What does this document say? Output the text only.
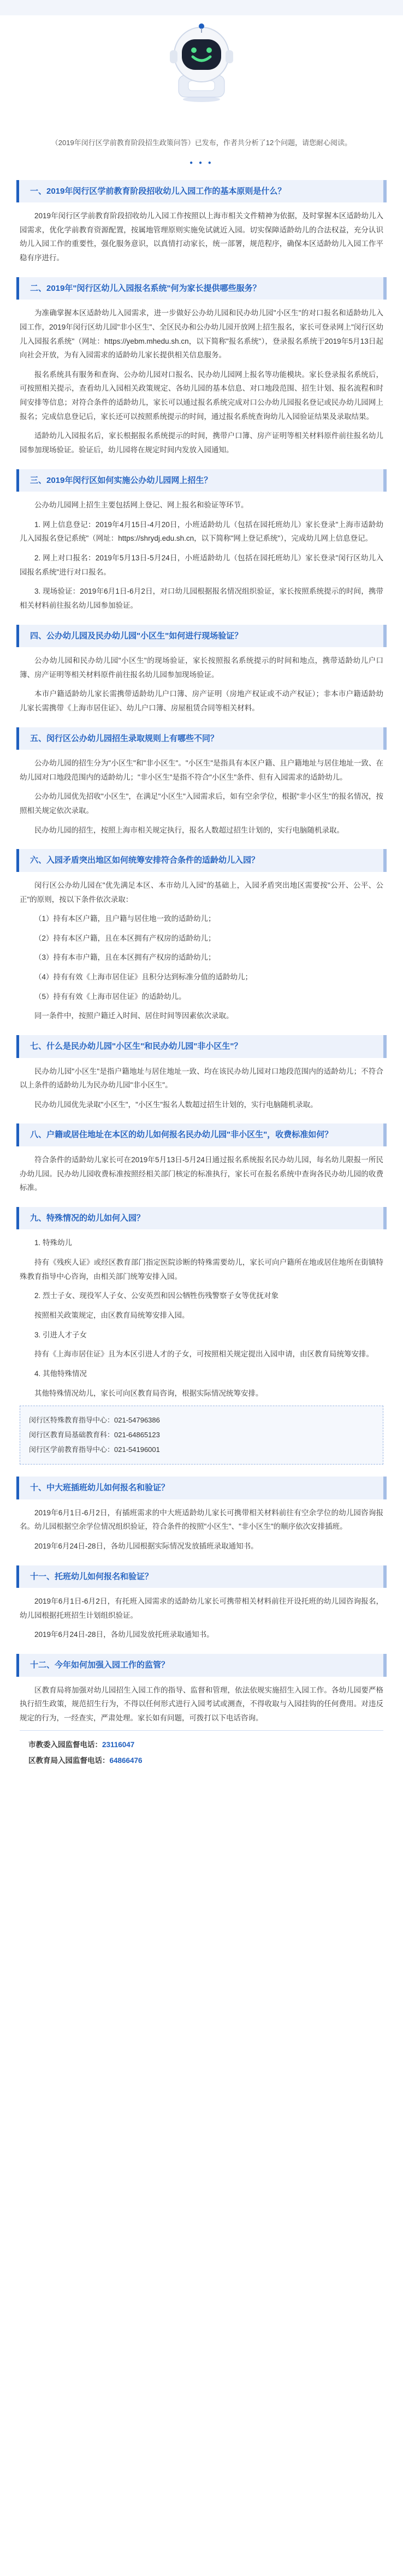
（2019年闵行区学前教育阶段招生政策问答）已发布，作者共分析了12个问题，请您耐心阅读。

● ● ●
一、2019年闵行区学前教育阶段招收幼儿入园工作的基本原则是什么？

2019年闵行区学前教育阶段招收幼儿入园工作按照以上海市相关文件精神为依据，及时掌握本区适龄幼儿入园需求，优化学前教育资源配置，按属地管理原则实施免试就近入园。切实保障适龄幼儿的合法权益，充分认识幼儿入园工作的重要性，强化服务意识，以真情打动家长，统一部署，规范程序，确保本区适龄幼儿入园工作平稳有序进行。

二、2019年"闵行区幼儿入园报名系统"何为家长提供哪些服务？

为准确掌握本区适龄幼儿入园需求，进一步做好公办幼儿园和民办幼儿园"小区生"的对口报名和适龄幼儿入园工作，2019年闵行区幼儿园"非小区生"、全区民办和公办幼儿园开放网上招生报名，家长可登录网上"闵行区幼儿入园报名系统"（网址：https://yebm.mhedu.sh.cn，以下简称"报名系统"），登录报名系统于2019年5月13日起向社会开放，为有入园需求的适龄幼儿家长提供相关信息服务。

报名系统具有服务和查询、公办幼儿园对口报名、民办幼儿园网上报名等功能模块。家长登录报名系统后，可按照相关提示，查看幼儿入园相关政策规定、各幼儿园的基本信息、对口地段范围、招生计划、报名流程和时间安排等信息；对符合条件的适龄幼儿，家长可以通过报名系统完成对口公办幼儿园报名登记或民办幼儿园网上报名；完成信息登记后，家长还可以按照系统提示的时间，通过报名系统查询幼儿入园验证结果及录取结果。

适龄幼儿入园报名后，家长根据报名系统提示的时间，携带户口簿、房产证明等相关材料原件前往报名幼儿园参加现场验证。验证后，幼儿园将在规定时间内发放入园通知。

三、2019年闵行区如何实施公办幼儿园网上招生？

公办幼儿园网上招生主要包括网上登记、网上报名和验证等环节。

1. 网上信息登记：2019年4月15日-4月20日，小班适龄幼儿（包括在园托班幼儿）家长登录"上海市适龄幼儿入园报名登记系统"（网址：https://shrydj.edu.sh.cn，以下简称"网上登记系统"），完成幼儿网上信息登记。

2. 网上对口报名：2019年5月13日-5月24日，小班适龄幼儿（包括在园托班幼儿）家长登录"闵行区幼儿入园报名系统"进行对口报名。

3. 现场验证：2019年6月1日-6月2日，对口幼儿园根据报名情况组织验证，家长按照系统提示的时间，携带相关材料前往报名幼儿园参加验证。

四、公办幼儿园及民办幼儿园"小区生"如何进行现场验证？

公办幼儿园和民办幼儿园"小区生"的现场验证，家长按照报名系统提示的时间和地点，携带适龄幼儿户口簿、房产证明等相关材料原件前往报名幼儿园参加现场验证。

本市户籍适龄幼儿家长需携带适龄幼儿户口簿、房产证明（房地产权证或不动产权证）；非本市户籍适龄幼儿家长需携带《上海市居住证》、幼儿户口簿、房屋租赁合同等相关材料。

五、闵行区公办幼儿园招生录取规则上有哪些不同？

公办幼儿园的招生分为"小区生"和"非小区生"。"小区生"是指具有本区户籍、且户籍地址与居住地址一致、在幼儿园对口地段范围内的适龄幼儿；"非小区生"是指不符合"小区生"条件、但有入园需求的适龄幼儿。

公办幼儿园优先招收"小区生"，在满足"小区生"入园需求后，如有空余学位，根据"非小区生"的报名情况，按照相关规定依次录取。

民办幼儿园的招生，按照上海市相关规定执行，报名人数超过招生计划的，实行电脑随机录取。

六、入园矛盾突出地区如何统筹安排符合条件的适龄幼儿入园？

闵行区公办幼儿园在"优先满足本区、本市幼儿入园"的基础上，入园矛盾突出地区需要按"公开、公平、公正"的原则，按以下条件依次录取：

（1）持有本区户籍，且户籍与居住地一致的适龄幼儿；

（2）持有本区户籍，且在本区拥有产权房的适龄幼儿；

（3）持有本市户籍，且在本区拥有产权房的适龄幼儿；

（4）持有有效《上海市居住证》且积分达到标准分值的适龄幼儿；

（5）持有有效《上海市居住证》的适龄幼儿。

同一条件中，按照户籍迁入时间、居住时间等因素依次录取。

七、什么是民办幼儿园"小区生"和民办幼儿园"非小区生"？

民办幼儿园"小区生"是指户籍地址与居住地址一致、均在该民办幼儿园对口地段范围内的适龄幼儿；不符合以上条件的适龄幼儿为民办幼儿园"非小区生"。

民办幼儿园优先录取"小区生"，"小区生"报名人数超过招生计划的，实行电脑随机录取。

八、户籍或居住地址在本区的幼儿如何报名民办幼儿园"非小区生"，收费标准如何？

符合条件的适龄幼儿家长可在2019年5月13日-5月24日通过报名系统报名民办幼儿园，每名幼儿限报一所民办幼儿园。民办幼儿园收费标准按照经相关部门核定的标准执行，家长可在报名系统中查询各民办幼儿园的收费标准。

九、特殊情况的幼儿如何入园？

1. 特殊幼儿

持有《残疾人证》或经区教育部门指定医院诊断的特殊需要幼儿，家长可向户籍所在地或居住地所在街镇特殊教育指导中心咨询，由相关部门统筹安排入园。

2. 烈士子女、现役军人子女、公安英烈和因公牺牲伤残警察子女等优抚对象

按照相关政策规定，由区教育局统筹安排入园。

3. 引进人才子女

持有《上海市居住证》且为本区引进人才的子女，可按照相关规定提出入园申请，由区教育局统筹安排。

4. 其他特殊情况

其他特殊情况幼儿，家长可向区教育局咨询，根据实际情况统筹安排。

闵行区特殊教育指导中心：021-54796386
闵行区教育局基础教育科：021-64865123
闵行区学前教育指导中心：021-54196001
十、中大班插班幼儿如何报名和验证？

2019年6月1日-6月2日，有插班需求的中大班适龄幼儿家长可携带相关材料前往有空余学位的幼儿园咨询报名。幼儿园根据空余学位情况组织验证，符合条件的按照"小区生"、"非小区生"的顺序依次安排插班。

2019年6月24日-28日，各幼儿园根据实际情况发放插班录取通知书。

十一、托班幼儿如何报名和验证？

2019年6月1日-6月2日，有托班入园需求的适龄幼儿家长可携带相关材料前往开设托班的幼儿园咨询报名，幼儿园根据托班招生计划组织验证。

2019年6月24日-28日，各幼儿园发放托班录取通知书。

十二、今年如何加强入园工作的监管？

区教育局将加强对幼儿园招生入园工作的指导、监督和管理，依法依规实施招生入园工作。各幼儿园要严格执行招生政策，规范招生行为，不得以任何形式进行入园考试或测查，不得收取与入园挂钩的任何费用。对违反规定的行为，一经查实，严肃处理。家长如有问题，可拨打以下电话咨询。

市教委入园监督电话：23116047
区教育局入园监督电话：64866476
